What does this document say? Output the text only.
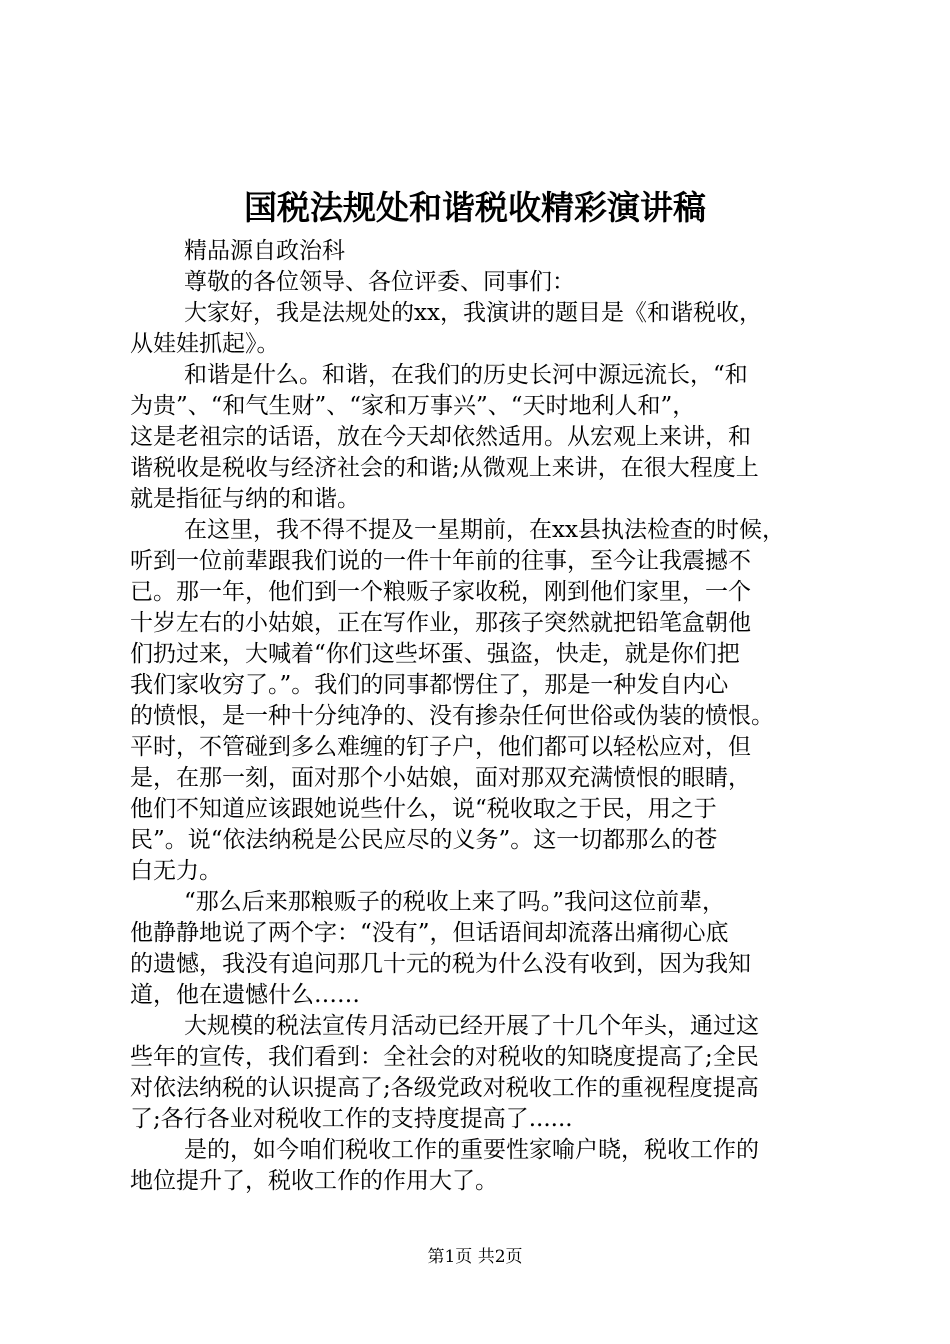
国税法规处和谐税收精彩演讲稿
精品源自政治科
尊敬的各位领导、各位评委、同事们：
大家好，我是法规处的xx，我演讲的题目是《和谐税收，
从娃娃抓起》。
和谐是什么。和谐，在我们的历史长河中源远流长，“和
为贵”、“和气生财”、“家和万事兴”、“天时地利人和”，
这是老祖宗的话语，放在今天却依然适用。从宏观上来讲，和
谐税收是税收与经济社会的和谐;从微观上来讲，在很大程度上
就是指征与纳的和谐。
在这里，我不得不提及一星期前，在xx县执法检查的时候，
听到一位前辈跟我们说的一件十年前的往事，至今让我震撼不
已。那一年，他们到一个粮贩子家收税，刚到他们家里，一个
十岁左右的小姑娘，正在写作业，那孩子突然就把铅笔盒朝他
们扔过来，大喊着“你们这些坏蛋、强盗，快走，就是你们把
我们家收穷了。”。我们的同事都愣住了，那是一种发自内心
的愤恨，是一种十分纯净的、没有掺杂任何世俗或伪装的愤恨。
平时，不管碰到多么难缠的钉子户，他们都可以轻松应对，但
是，在那一刻，面对那个小姑娘，面对那双充满愤恨的眼睛，
他们不知道应该跟她说些什么，说“税收取之于民，用之于
民”。说“依法纳税是公民应尽的义务”。这一切都那么的苍
白无力。
“那么后来那粮贩子的税收上来了吗。”我问这位前辈，
他静静地说了两个字：“没有”，但话语间却流落出痛彻心底
的遗憾，我没有追问那几十元的税为什么没有收到，因为我知
道，他在遗憾什么……
大规模的税法宣传月活动已经开展了十几个年头，通过这
些年的宣传，我们看到：全社会的对税收的知晓度提高了;全民
对依法纳税的认识提高了;各级党政对税收工作的重视程度提高
了;各行各业对税收工作的支持度提高了......
是的，如今咱们税收工作的重要性家喻户晓，税收工作的
地位提升了，税收工作的作用大了。
第1页 共2页
